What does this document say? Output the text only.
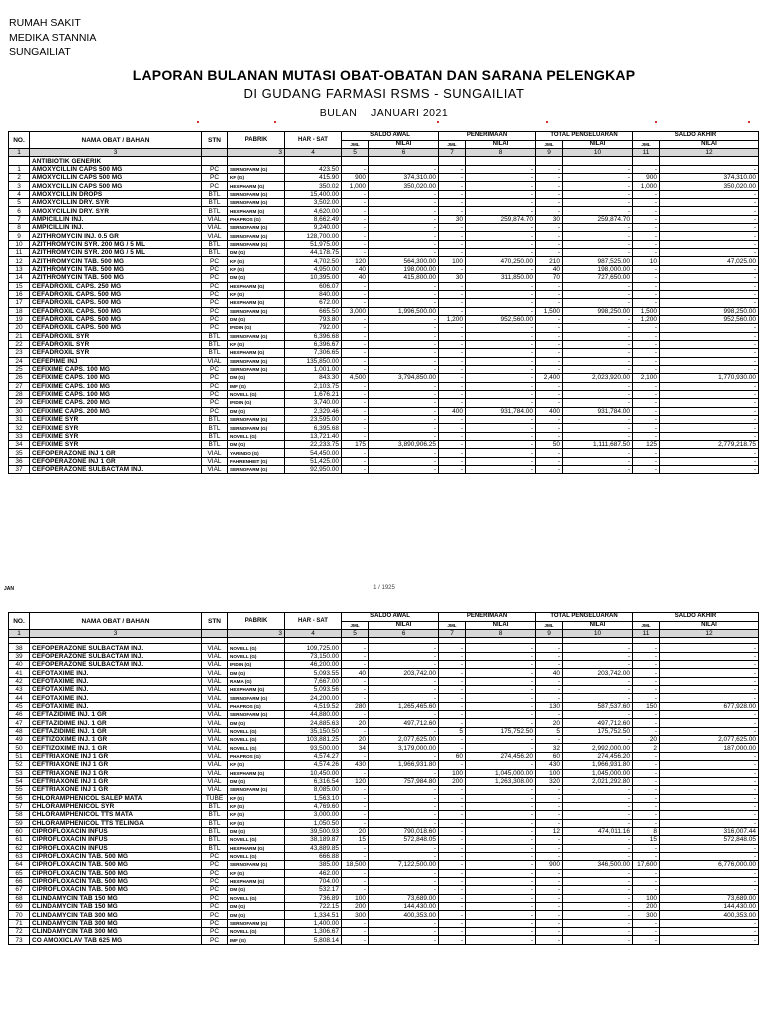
RUMAH SAKIT
MEDIKA STANNIA
SUNGAILIAT
LAPORAN BULANAN MUTASI OBAT-OBATAN DAN SARANA PELENGKAP
DI GUDANG FARMASI RSMS - SUNGAILIAT
BULAN JANUARI 2021
NO.	NAMA OBAT / BAHAN	STN	PABRIK	HAR - SAT	SALDO AWAL		PENERIMAAN		TOTAL PENGELUARAN		SALDO AKHIR	
					JML	NILAI	JML	NILAI	JML	NILAI	JML	NILAI
1	3		3	4	5	6	7	8	9	10	11	12
	ANTIBIOTIK GENERIK											
1	AMOXYCILLIN CAPS 500 MG	PC	SERNOFARM (G)	423.50	-	-	-	-	-	-	-	-
2	AMOXYCILLIN CAPS 500 MG	PC	KF (G)	415.90	900	374,310.00	-	-	-	-	900	374,310.00
3	AMOXYCILLIN CAPS 500 MG	PC	HEXPHARM (G)	350.02	1,000	350,020.00	-	-	-	-	1,000	350,020.00
4	AMOXYCILLIN DROPS	BTL	SERNOFARM (G)	15,400.00	-	-	-	-	-	-	-	-
5	AMOXYCILLIN DRY. SYR	BTL	SERNOFARM (G)	3,502.00	-	-	-	-	-	-	-	-
6	AMOXYCILLIN DRY. SYR	BTL	HEXPHARM (G)	4,620.00	-	-	-	-	-	-	-	-
7	AMPICILLIN INJ.	VIAL	PHAPROS (G)	8,662.49	-	-	30	259,874.70	30	259,874.70	-	-
8	AMPICILLIN INJ.	VIAL	SERNOFARM (G)	9,240.00	-	-	-	-	-	-	-	-
9	AZITHROMYCIN INJ. 0.5 GR	VIAL	SERNOFARM (G)	128,700.00	-	-	-	-	-	-	-	-
10	AZITHROMYCIN SYR. 200 MG / 5 ML	BTL	SERNOFARM (G)	51,975.00	-	-	-	-	-	-	-	-
11	AZITHROMYCIN SYR. 200 MG / 5 ML	BTL	DM (G)	44,178.75	-	-	-	-	-	-	-	-
12	AZITHROMYCIN TAB. 500 MG	PC	KF (G)	4,702.50	120	564,300.00	100	470,250.00	210	987,525.00	10	47,025.00
13	AZITHROMYCIN TAB. 500 MG	PC	KF (G)	4,950.00	40	198,000.00	-	-	40	198,000.00	-	-
14	AZITHROMYCIN TAB. 500 MG	PC	DM (G)	10,395.00	40	415,800.00	30	311,850.00	70	727,650.00	-	-
15	CEFADROXIL CAPS. 250 MG	PC	HEXPHARM (G)	606.07	-	-	-	-	-	-	-	-
16	CEFADROXIL CAPS. 500 MG	PC	KF (G)	840.00	-	-	-	-	-	-	-	-
17	CEFADROXIL CAPS. 500 MG	PC	HEXPHARM (G)	672.00	-	-	-	-	-	-	-	-
18	CEFADROXIL CAPS. 500 MG	PC	SERNOFARM (G)	665.50	3,000	1,996,500.00	-	-	1,500	998,250.00	1,500	998,250.00
19	CEFADROXIL CAPS. 500 MG	PC	DM (G)	793.80	-	-	1,200	952,560.00	-	-	1,200	952,560.00
20	CEFADROXIL CAPS. 500 MG	PC	IFIDIN (G)	792.00	-	-	-	-	-	-	-	-
21	CEFADROXIL SYR	BTL	SERNOFARM (G)	6,396.68	-	-	-	-	-	-	-	-
22	CEFADROXIL SYR	BTL	KF (G)	6,396.67	-	-	-	-	-	-	-	-
23	CEFADROXIL SYR	BTL	HEXPHARM (G)	7,306.65	-	-	-	-	-	-	-	-
24	CEFEPIME INJ	VIAL	SERNOFARM (G)	135,850.00	-	-	-	-	-	-	-	-
25	CEFIXIME CAPS. 100 MG	PC	SERNOFARM (G)	1,001.00	-	-	-	-	-	-	-	-
26	CEFIXIME CAPS. 100 MG	PC	DM (G)	843.30	4,500	3,794,850.00	-	-	2,400	2,023,920.00	2,100	1,770,930.00
27	CEFIXIME CAPS. 100 MG	PC	IMF (G)	2,103.75	-	-	-	-	-	-	-	-
28	CEFIXIME CAPS. 100 MG	PC	NOVELL (G)	1,676.21	-	-	-	-	-	-	-	-
29	CEFIXIME CAPS. 200 MG	PC	IFIDIN (G)	3,740.00	-	-	-	-	-	-	-	-
30	CEFIXIME CAPS. 200 MG	PC	DM (G)	2,329.46	-	-	400	931,784.00	400	931,784.00	-	-
31	CEFIXIME SYR	BTL	SERNOFARM (G)	23,595.00	-	-	-	-	-	-	-	-
32	CEFIXIME SYR	BTL	SERNOFARM (G)	6,395.68	-	-	-	-	-	-	-	-
33	CEFIXIME SYR	BTL	NOVELL (G)	13,721.40	-	-	-	-	-	-	-	-
34	CEFIXIME SYR	BTL	DM (G)	22,233.75	175	3,890,906.25	-	-	50	1,111,687.50	125	2,779,218.75
35	CEFOPERAZONE INJ 1 GR	VIAL	YARINDO (G)	54,450.00	-	-	-	-	-	-	-	-
36	CEFOPERAZONE INJ 1 GR	VIAL	FAHRENHEIT (G)	51,425.00	-	-	-	-	-	-	-	-
37	CEFOPERAZONE SULBACTAM INJ.	VIAL	SERNOFARM (G)	92,950.00	-	-	-	-	-	-	-	-
JAN	1 / 1925
NO.	NAMA OBAT / BAHAN	STN	PABRIK	HAR - SAT	SALDO AWAL		PENERIMAAN		TOTAL PENGELUARAN		SALDO AKHIR	
					JML	NILAI	JML	NILAI	JML	NILAI	JML	NILAI
1	3		3	4	5	6	7	8	9	10	11	12

38	CEFOPERAZONE SULBACTAM INJ.	VIAL	NOVELL (G)	109,725.00	-	-	-	-	-	-	-	-
39	CEFOPERAZONE SULBACTAM INJ.	VIAL	NOVELL (G)	73,150.00	-	-	-	-	-	-	-	-
40	CEFOPERAZONE SULBACTAM INJ.	VIAL	IFIDIN (G)	46,200.00	-	-	-	-	-	-	-	-
41	CEFOTAXIME INJ.	VIAL	DM (G)	5,093.55	40	203,742.00	-	-	40	203,742.00	-	-
42	CEFOTAXIME INJ.	VIAL	RAMA (G)	7,667.00	-	-	-	-	-	-	-	-
43	CEFOTAXIME INJ.	VIAL	HEXPHARM (G)	5,093.56	-	-	-	-	-	-	-	-
44	CEFOTAXIME INJ.	VIAL	SERNOFARM (G)	24,200.00	-	-	-	-	-	-	-	-
45	CEFOTAXIME INJ.	VIAL	PHAPROS (G)	4,519.52	280	1,265,465.60	-	-	130	587,537.60	150	677,928.00
46	CEFTAZIDIME INJ. 1 GR	VIAL	SERNOFARM (G)	44,880.00	-	-	-	-	-	-	-	-
47	CEFTAZIDIME INJ. 1 GR	VIAL	DM (G)	24,885.63	20	497,712.60	-	-	20	497,712.60	-	-
48	CEFTAZIDIME INJ. 1 GR	VIAL	NOVELL (G)	35,150.50	-	-	5	175,752.50	5	175,752.50	-	-
49	CEFTIZOXIME INJ. 1 GR	VIAL	NOVELL (G)	103,881.25	20	2,077,625.00	-	-	-	-	20	2,077,625.00
50	CEFTIZOXIME INJ. 1 GR	VIAL	NOVELL (G)	93,500.00	34	3,179,000.00	-	-	32	2,992,000.00	2	187,000.00
51	CEFTRIAXONE INJ 1 GR	VIAL	PHAPROS (G)	4,574.27	-	-	60	274,456.20	60	274,456.20	-	-
52	CEFTRIAXONE INJ 1 GR	VIAL	KF (G)	4,574.26	430	1,966,931.80	-	-	430	1,966,931.80	-	-
53	CEFTRIAXONE INJ 1 GR	VIAL	HEXPHARM (G)	10,450.00	-	-	100	1,045,000.00	100	1,045,000.00	-	-
54	CEFTRIAXONE INJ 1 GR	VIAL	DM (G)	6,316.54	120	757,984.80	200	1,263,308.00	320	2,021,292.80	-	-
55	CEFTRIAXONE INJ 1 GR	VIAL	SERNOFARM (G)	8,085.00	-	-	-	-	-	-	-	-
56	CHLORAMPHENICOL SALEP MATA	TUBE	KF (G)	1,563.10	-	-	-	-	-	-	-	-
57	CHLORAMPHENICOL SYR	BTL	KF (G)	4,769.60	-	-	-	-	-	-	-	-
58	CHLORAMPHENICOL TTS MATA	BTL	KF (G)	3,000.00	-	-	-	-	-	-	-	-
59	CHLORAMPHENICOL TTS TELINGA	BTL	KF (G)	1,050.50	-	-	-	-	-	-	-	-
60	CIPROFLOXACIN INFUS	BTL	DM (G)	39,500.93	20	790,018.60	-	-	12	474,011.16	8	316,007.44
61	CIPROFLOXACIN INFUS	BTL	NOVELL (G)	38,189.87	15	572,848.05	-	-	-	-	15	572,848.05
62	CIPROFLOXACIN INFUS	BTL	HEXPHARM (G)	43,889.85	-	-	-	-	-	-	-	-
63	CIPROFLOXACIN TAB. 500 MG	PC	NOVELL (G)	666.88	-	-	-	-	-	-	-	-
64	CIPROFLOXACIN TAB. 500 MG	PC	SERNOFARM (G)	385.00	18,500	7,122,500.00	-	-	900	346,500.00	17,600	6,776,000.00
65	CIPROFLOXACIN TAB. 500 MG	PC	KF (G)	462.00	-	-	-	-	-	-	-	-
66	CIPROFLOXACIN TAB. 500 MG	PC	HEXPHARM (G)	704.00	-	-	-	-	-	-	-	-
67	CIPROFLOXACIN TAB. 500 MG	PC	DM (G)	532.17	-	-	-	-	-	-	-	-
68	CLINDAMYCIN TAB 150 MG	PC	NOVELL (G)	736.89	100	73,689.00	-	-	-	-	100	73,689.00
69	CLINDAMYCIN TAB 150 MG	PC	DM (G)	722.15	200	144,430.00	-	-	-	-	200	144,430.00
70	CLINDAMYCIN TAB 300 MG	PC	DM (G)	1,334.51	300	400,353.00	-	-	-	-	300	400,353.00
71	CLINDAMYCIN TAB 300 MG	PC	SERNOFARM (G)	1,400.00	-	-	-	-	-	-	-	-
72	CLINDAMYCIN TAB 300 MG	PC	NOVELL (G)	1,306.67	-	-	-	-	-	-	-	-
73	CO AMOXICLAV TAB 625 MG	PC	IMF (G)	5,808.14	-	-	-	-	-	-	-	-
